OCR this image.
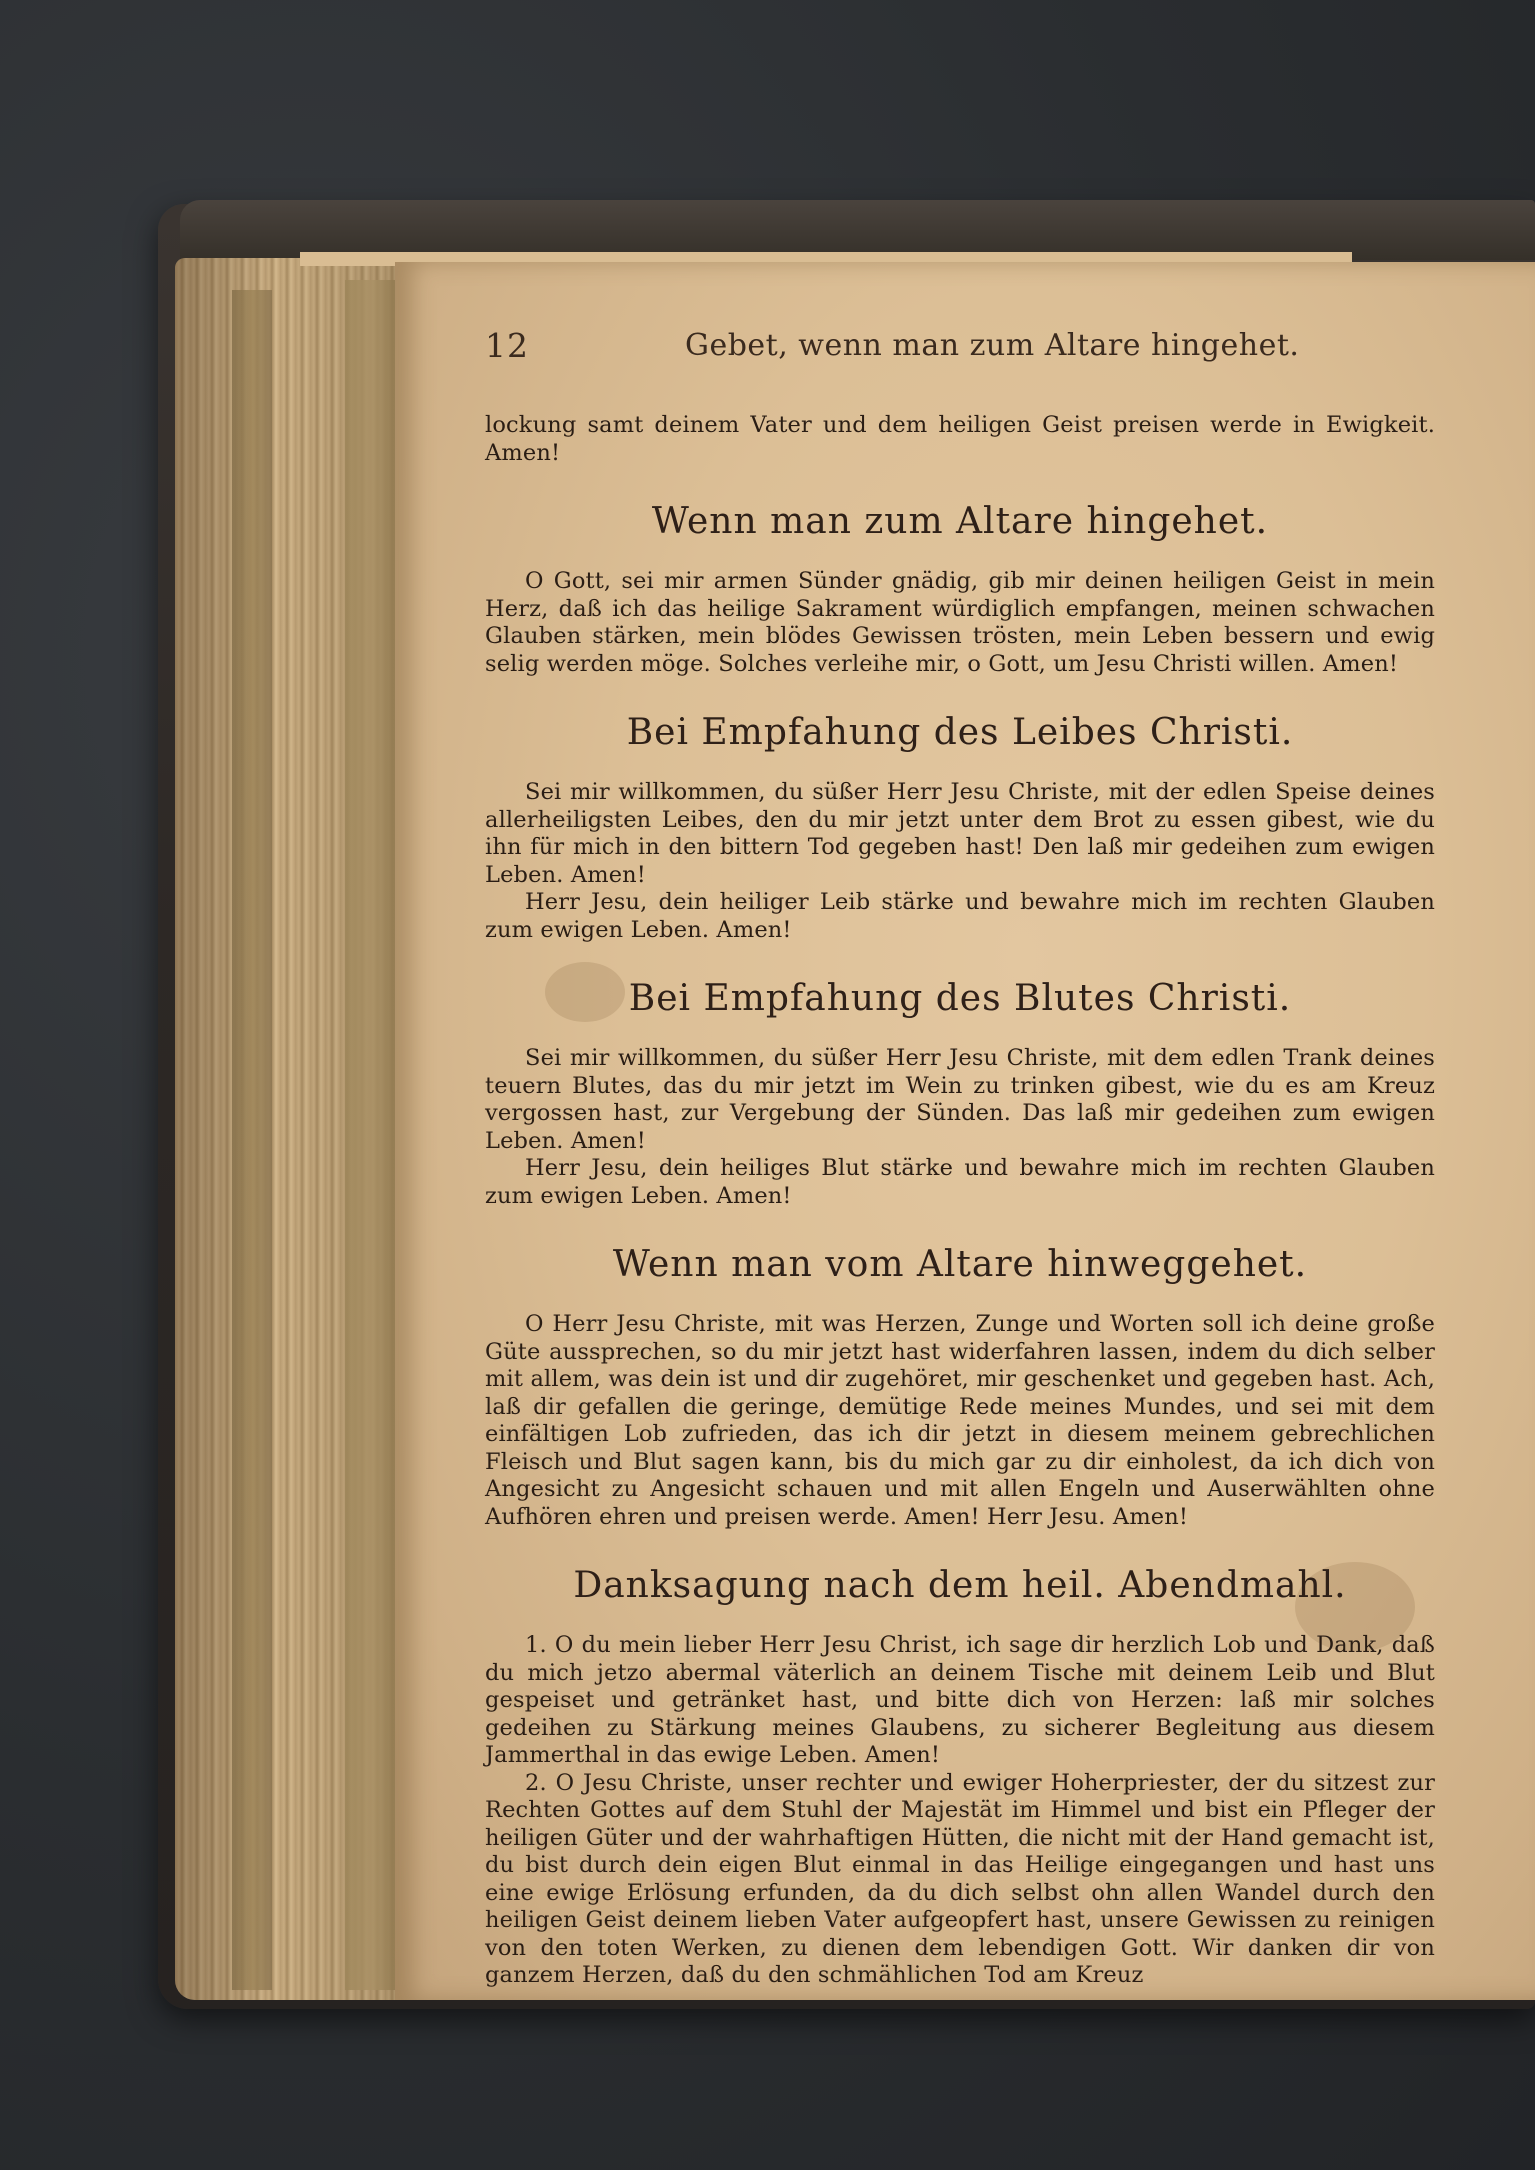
12	Gebet, wenn man zum Altare hingehet.

lockung samt deinem Vater und dem heiligen Geist preisen werde in Ewigkeit. Amen!

Wenn man zum Altare hingehet.

O Gott, sei mir armen Sünder gnädig, gib mir deinen heiligen Geist in mein Herz, daß ich das heilige Sakrament würdiglich empfangen, meinen schwachen Glauben stärken, mein blödes Gewissen trösten, mein Leben bessern und ewig selig werden möge. Solches verleihe mir, o Gott, um Jesu Christi willen. Amen!

Bei Empfahung des Leibes Christi.

Sei mir willkommen, du süßer Herr Jesu Christe, mit der edlen Speise deines allerheiligsten Leibes, den du mir jetzt unter dem Brot zu essen gibest, wie du ihn für mich in den bittern Tod gegeben hast! Den laß mir gedeihen zum ewigen Leben. Amen!

Herr Jesu, dein heiliger Leib stärke und bewahre mich im rechten Glauben zum ewigen Leben. Amen!

Bei Empfahung des Blutes Christi.

Sei mir willkommen, du süßer Herr Jesu Christe, mit dem edlen Trank deines teuern Blutes, das du mir jetzt im Wein zu trinken gibest, wie du es am Kreuz vergossen hast, zur Vergebung der Sünden. Das laß mir gedeihen zum ewigen Leben. Amen!

Herr Jesu, dein heiliges Blut stärke und bewahre mich im rechten Glauben zum ewigen Leben. Amen!

Wenn man vom Altare hinweggehet.

O Herr Jesu Christe, mit was Herzen, Zunge und Worten soll ich deine große Güte aussprechen, so du mir jetzt hast widerfahren lassen, indem du dich selber mit allem, was dein ist und dir zugehöret, mir geschenket und gegeben hast. Ach, laß dir gefallen die geringe, demütige Rede meines Mundes, und sei mit dem einfältigen Lob zufrieden, das ich dir jetzt in diesem meinem gebrechlichen Fleisch und Blut sagen kann, bis du mich gar zu dir einholest, da ich dich von Angesicht zu Angesicht schauen und mit allen Engeln und Auserwählten ohne Aufhören ehren und preisen werde. Amen! Herr Jesu. Amen!

Danksagung nach dem heil. Abendmahl.

1. O du mein lieber Herr Jesu Christ, ich sage dir herzlich Lob und Dank, daß du mich jetzo abermal väterlich an deinem Tische mit deinem Leib und Blut gespeiset und getränket hast, und bitte dich von Herzen: laß mir solches gedeihen zu Stärkung meines Glaubens, zu sicherer Begleitung aus diesem Jammerthal in das ewige Leben. Amen!

2. O Jesu Christe, unser rechter und ewiger Hoherpriester, der du sitzest zur Rechten Gottes auf dem Stuhl der Majestät im Himmel und bist ein Pfleger der heiligen Güter und der wahrhaftigen Hütten, die nicht mit der Hand gemacht ist, du bist durch dein eigen Blut einmal in das Heilige eingegangen und hast uns eine ewige Erlösung erfunden, da du dich selbst ohn allen Wandel durch den heiligen Geist deinem lieben Vater aufgeopfert hast, unsere Gewissen zu reinigen von den toten Werken, zu dienen dem lebendigen Gott. Wir danken dir von ganzem Herzen, daß du den schmählichen Tod am Kreuz
